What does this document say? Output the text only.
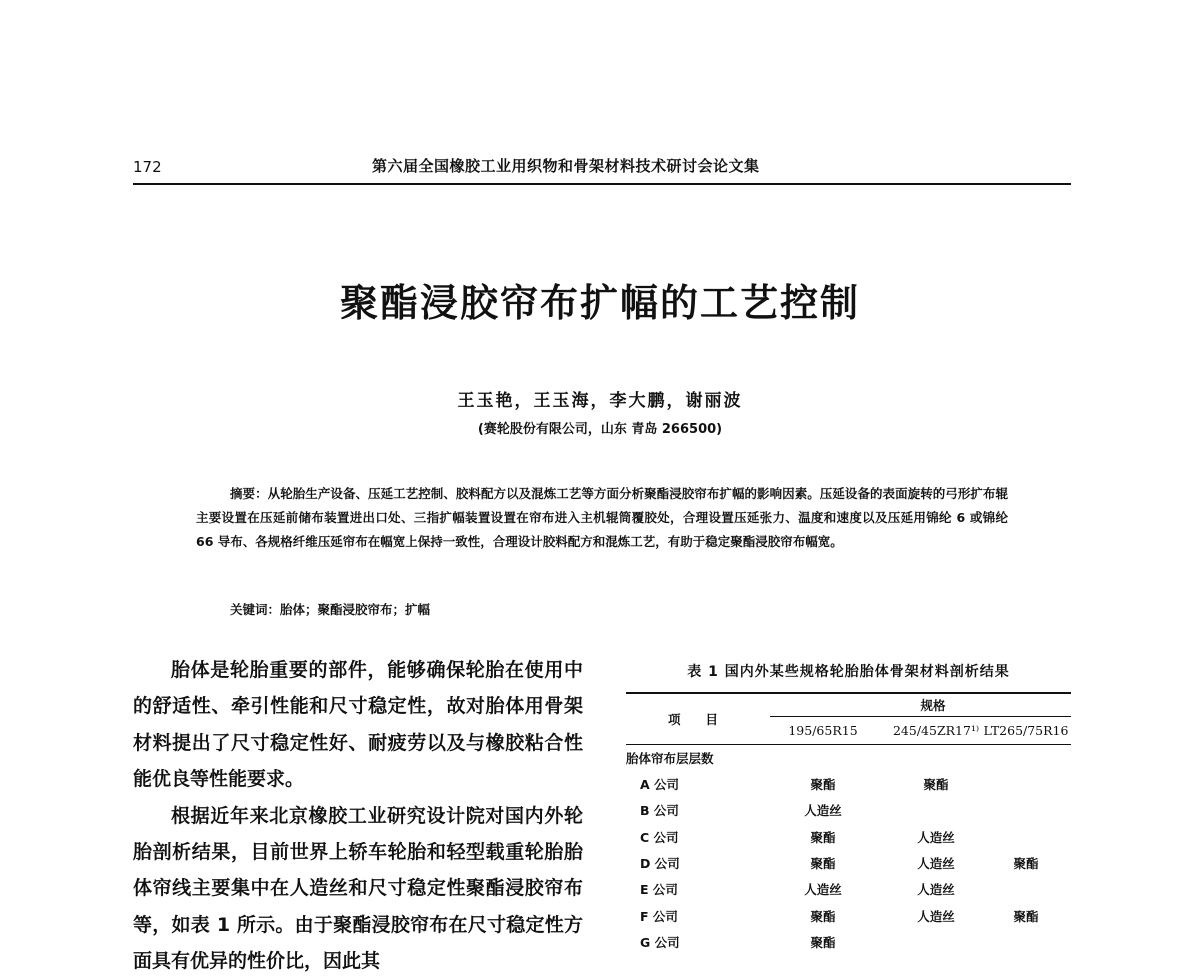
172	第六届全国橡胶工业用织物和骨架材料技术研讨会论文集
聚酯浸胶帘布扩幅的工艺控制
王玉艳，王玉海，李大鹏，谢丽波
(赛轮股份有限公司，山东 青岛 266500)
摘要：从轮胎生产设备、压延工艺控制、胶料配方以及混炼工艺等方面分析聚酯浸胶帘布扩幅的影响因素。压延设备的表面旋转的弓形扩布辊主要设置在压延前储布装置进出口处、三指扩幅装置设置在帘布进入主机辊筒覆胶处，合理设置压延张力、温度和速度以及压延用锦纶 6 或锦纶 66 导布、各规格纤维压延帘布在幅宽上保持一致性，合理设计胶料配方和混炼工艺，有助于稳定聚酯浸胶帘布幅宽。
关键词：胎体；聚酯浸胶帘布；扩幅

胎体是轮胎重要的部件，能够确保轮胎在使用中的舒适性、牵引性能和尺寸稳定性，故对胎体用骨架材料提出了尺寸稳定性好、耐疲劳以及与橡胶粘合性能优良等性能要求。

根据近年来北京橡胶工业研究设计院对国内外轮胎剖析结果，目前世界上轿车轮胎和轻型载重轮胎胎体帘线主要集中在人造丝和尺寸稳定性聚酯浸胶帘布等，如表 1 所示。由于聚酯浸胶帘布在尺寸稳定性方面具有优异的性价比，因此其

表 1 国内外某些规格轮胎胎体骨架材料剖析结果
项　　目
规格
195/65R15	245/45ZR17¹⁾ LT265/75R16
胎体帘布层层数
A 公司	聚酯	聚酯
B 公司	人造丝
C 公司	聚酯	人造丝
D 公司	聚酯	人造丝	聚酯
E 公司	人造丝	人造丝
F 公司	聚酯	人造丝	聚酯
G 公司	聚酯
